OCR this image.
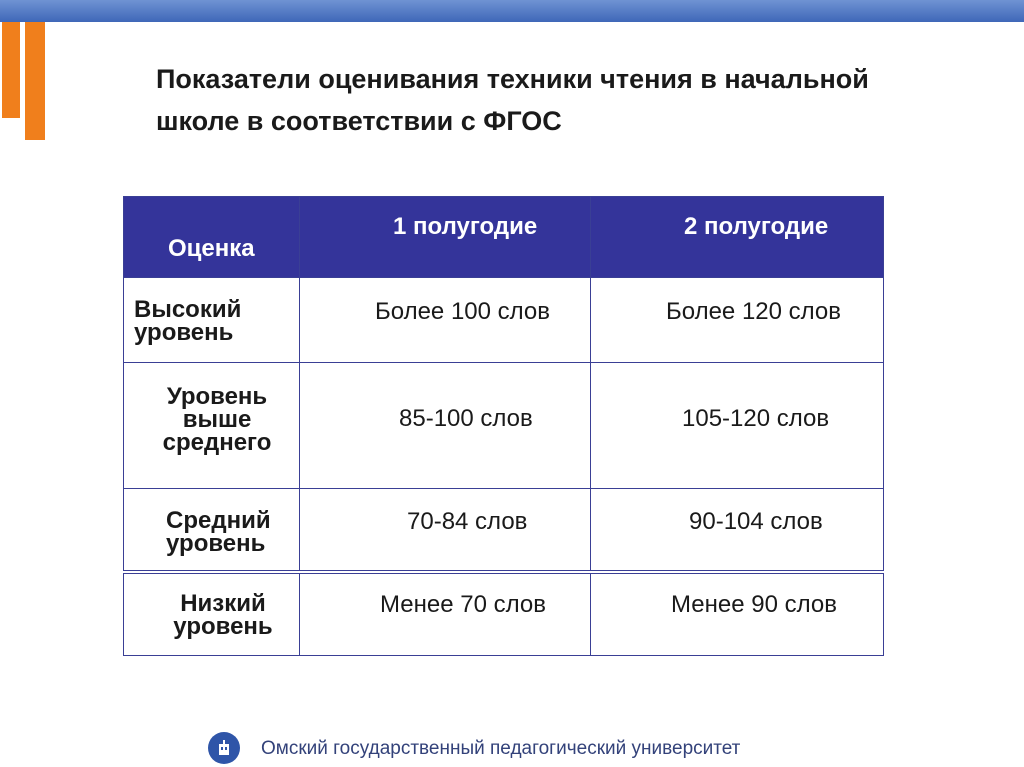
Показатели оценивания техники чтения в начальной школе в соответствии с ФГОС
Оценка	1 полугодие	2 полугодие

Высокий уровень	Более 100 слов	Более 120 слов

Уровень выше среднего	85-100 слов	105-120 слов

Средний уровень	70-84 слов	90-104 слов

Низкий уровень	Менее 70 слов	Менее 90 слов
Омский государственный педагогический университет
